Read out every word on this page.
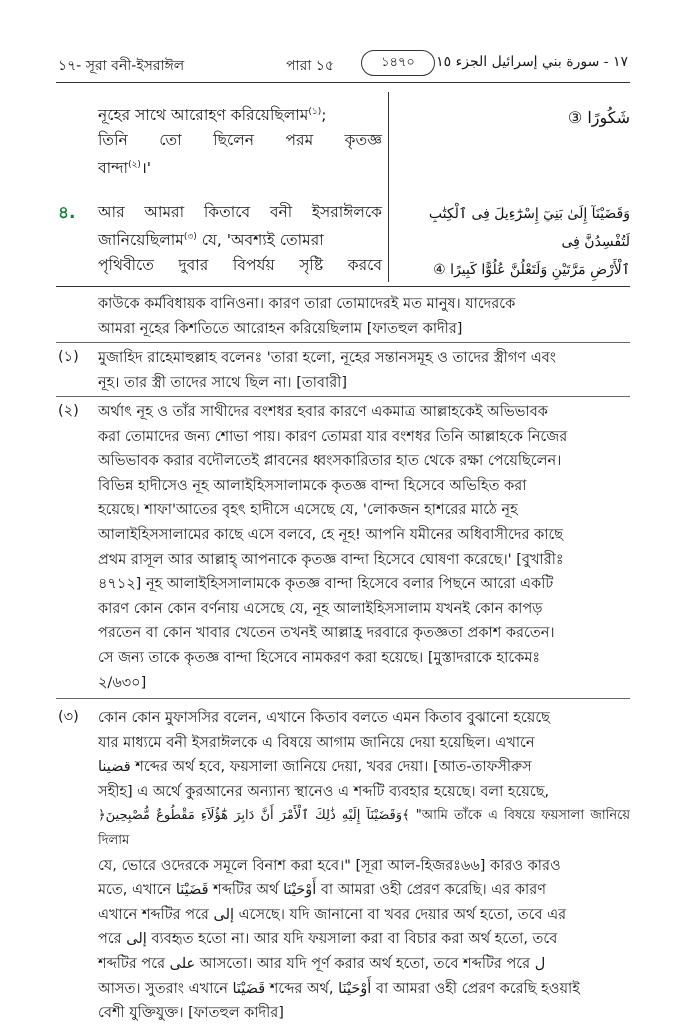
১৭- সূরা বনী-ইসরাঈল	পারা ১৫	১৪৭০	١٧ - سورة بني إسرائيل الجزء ١٥
নূহের সাথে আরোহণ করিয়েছিলাম$^{(১)}$;
তিনি তো ছিলেন পরম কৃতজ্ঞ
বান্দা$^{(২)}$।'
شَكُورًا ③
৪. আর আমরা কিতাবে বনী ইসরাঈলকে
জানিয়েছিলাম$^{(৩)}$ যে, 'অবশ্যই তোমরা
পৃথিবীতে দুবার বিপর্যয় সৃষ্টি করবে
وَقَضَيْنَآ إِلَىٰ بَنِيٓ إِسْرَٰٓءِيلَ فِى ٱلْكِتَٰبِ لَتُفْسِدُنَّ فِى
ٱلْأَرْضِ مَرَّتَيْنِ وَلَتَعْلُنَّ عُلُوًّا كَبِيرًا ④
কাউকে কর্মবিধায়ক বানিওনা। কারণ তারা তোমাদেরই মত মানুষ। যাদেরকে
আমরা নূহের কিশতিতে আরোহন করিয়েছিলাম [ফাতহুল কাদীর]
(১) মুজাহিদ রাহেমাহুল্লাহ বলেনঃ 'তারা হলো, নূহের সন্তানসমূহ ও তাদের স্ত্রীগণ এবং
নূহ। তার স্ত্রী তাদের সাথে ছিল না। [তাবারী]
(২) অর্থাৎ নূহ ও তাঁর সাথীদের বংশধর হবার কারণে একমাত্র আল্লাহকেই অভিভাবক
করা তোমাদের জন্য শোভা পায়। কারণ তোমরা যার বংশধর তিনি আল্লাহকে নিজের
অভিভাবক করার বদৌলতেই প্লাবনের ধ্বংসকারিতার হাত থেকে রক্ষা পেয়েছিলেন।
বিভিন্ন হাদীসেও নূহ আলাইহিসসালামকে কৃতজ্ঞ বান্দা হিসেবে অভিহিত করা
হয়েছে। শাফা'আতের বৃহৎ হাদীসে এসেছে যে, 'লোকজন হাশরের মাঠে নূহ
আলাইহিসসালামের কাছে এসে বলবে, হে নূহ! আপনি যমীনের অধিবাসীদের কাছে
প্রথম রাসূল আর আল্লাহ্ আপনাকে কৃতজ্ঞ বান্দা হিসেবে ঘোষণা করেছে।' [বুখারীঃ
৪৭১২] নূহ আলাইহিসসালামকে কৃতজ্ঞ বান্দা হিসেবে বলার পিছনে আরো একটি
কারণ কোন কোন বর্ণনায় এসেছে যে, নূহ আলাইহিসসালাম যখনই কোন কাপড়
পরতেন বা কোন খাবার খেতেন তখনই আল্লাহ্র দরবারে কৃতজ্ঞতা প্রকাশ করতেন।
সে জন্য তাকে কৃতজ্ঞ বান্দা হিসেবে নামকরণ করা হয়েছে। [মুস্তাদরাকে হাকেমঃ
২/৬৩০]
(৩) কোন কোন মুফাসসির বলেন, এখানে কিতাব বলতে এমন কিতাব বুঝানো হয়েছে
যার মাধ্যমে বনী ইসরাঈলকে এ বিষয়ে আগাম জানিয়ে দেয়া হয়েছিল। এখানে
قضينا শব্দের অর্থ হবে, ফয়সালা জানিয়ে দেয়া, খবর দেয়া। [আত-তাফসীরুস
সহীহ] এ অর্থে কুরআনের অন্যান্য স্থানেও এ শব্দটি ব্যবহার হয়েছে। বলা হয়েছে,
﴿وَقَضَيْنَآ إِلَيْهِ ذَٰلِكَ ٱلْأَمْرَ أَنَّ دَابِرَ هَٰٓؤُلَآءِ مَقْطُوعٌ مُّصْبِحِينَ﴾ "আমি তাঁকে এ বিষয়ে ফয়সালা জানিয়ে দিলাম
যে, ভোরে ওদেরকে সমূলে বিনাশ করা হবে।" [সূরা আল-হিজরঃ৬৬] কারও কারও
মতে, এখানে قَضَيْنَا শব্দটির অর্থ أَوْحَيْنَا বা আমরা ওহী প্রেরণ করেছি। এর কারণ
এখানে শব্দটির পরে إلى এসেছে। যদি জানানো বা খবর দেয়ার অর্থ হতো, তবে এর
পরে إلى ব্যবহৃত হতো না। আর যদি ফয়সালা করা বা বিচার করা অর্থ হতো, তবে
শব্দটির পরে على আসতো। আর যদি পূর্ণ করার অর্থ হতো, তবে শব্দটির পরে ل
আসত। সুতরাং এখানে قَضَيْنَا শব্দের অর্থ, أَوْحَيْنَا বা আমরা ওহী প্রেরণ করেছি হওয়াই
বেশী যুক্তিযুক্ত। [ফাতহুল কাদীর]
